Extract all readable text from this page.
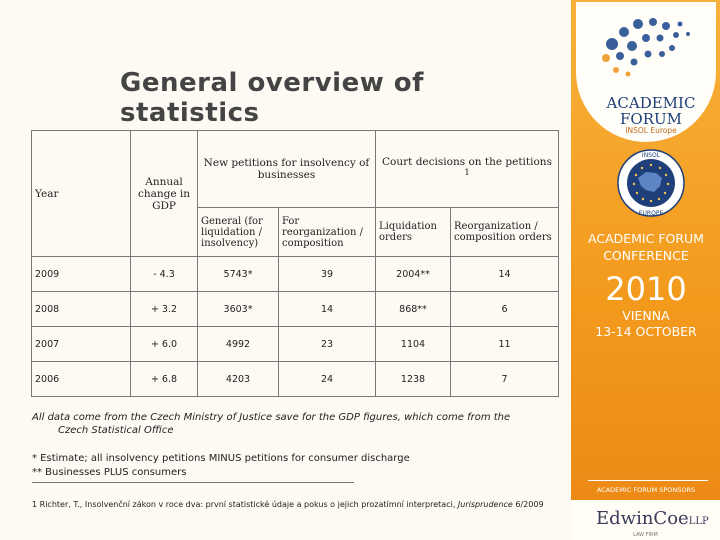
General overview of statistics
Year	Annual change in GDP	New petitions for insolvency of businesses		Court decisions on the petitions $^1$
		General (for liquidation / insolvency)	For reorganization / composition	Liquidation orders	Reorganization / composition orders
2009	- 4.3	5743*	39	2004**	14
2008	+ 3.2	3603*	14	868**	6
2007	+ 6.0	4992	23	1104	11
2006	+ 6.8	4203	24	1238	7
All data come from the Czech Ministry of Justice save for the GDP figures, which come from the
Czech Statistical Office
* Estimate; all insolvency petitions MINUS petitions for consumer discharge
** Businesses PLUS consumers
1 Richter, T., Insolvenční zákon v roce dva: první statistické údaje a pokus o jejich prozatímní interpretaci, Jurisprudence 6/2009
ACADEMIC
FORUM
INSOL Europe
INSOL
EUROPE
ACADEMIC FORUM
CONFERENCE
2010
VIENNA
13-14 OCTOBER
ACADEMIC FORUM SPONSORS
EdwinCoeLLP
LAW FIRM
